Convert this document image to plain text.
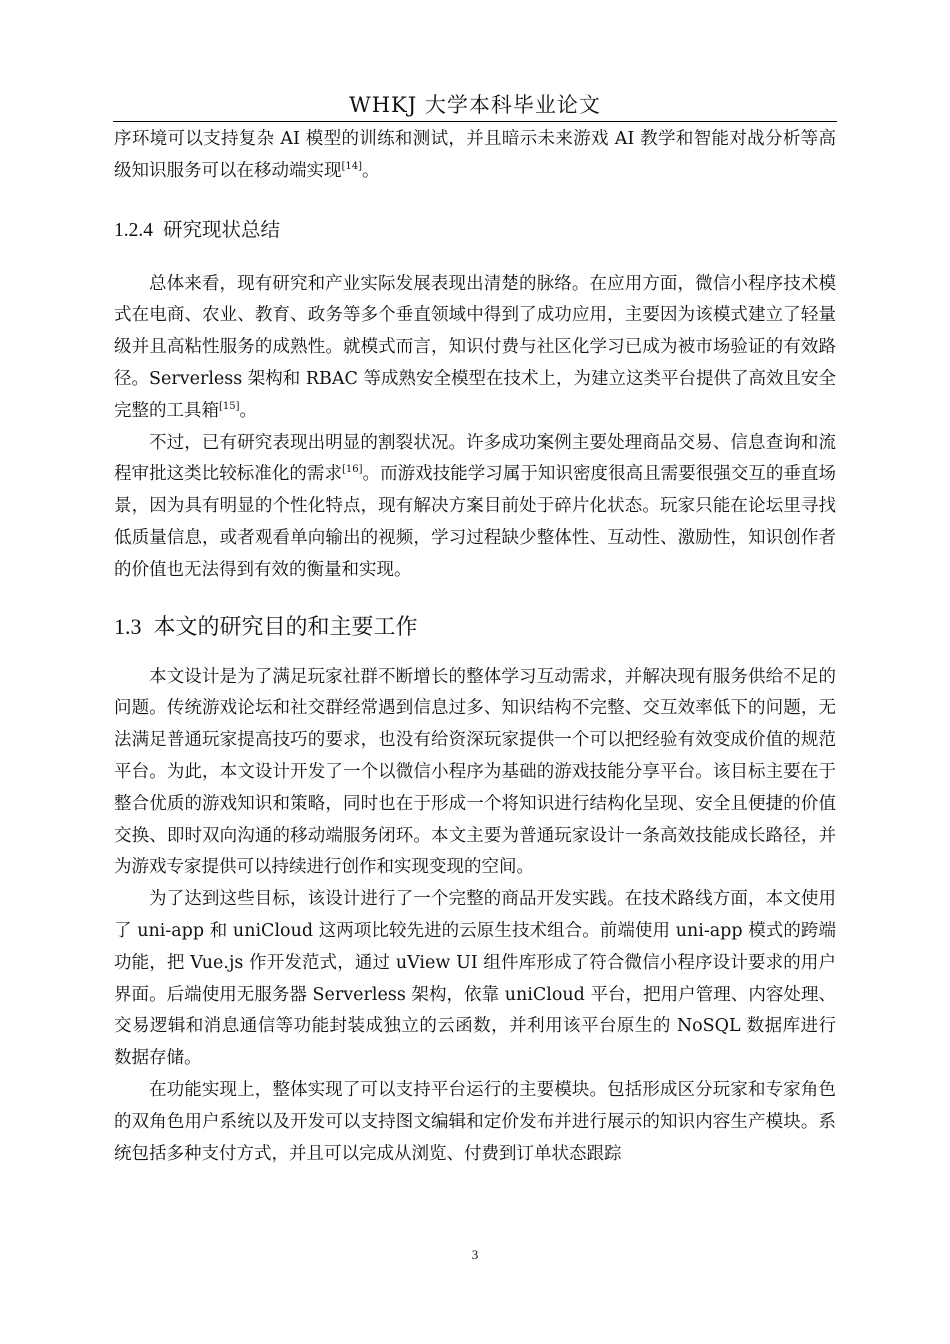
WHKJ 大学本科毕业论文

序环境可以支持复杂 AI 模型的训练和测试，并且暗示未来游戏 AI 教学和智能对战分析等高级知识服务可以在移动端实现[14]。

1.2.4 研究现状总结

总体来看，现有研究和产业实际发展表现出清楚的脉络。在应用方面，微信小程序技术模式在电商、农业、教育、政务等多个垂直领域中得到了成功应用，主要因为该模式建立了轻量级并且高粘性服务的成熟性。就模式而言，知识付费与社区化学习已成为被市场验证的有效路径。Serverless 架构和 RBAC 等成熟安全模型在技术上，为建立这类平台提供了高效且安全完整的工具箱[15]。

不过，已有研究表现出明显的割裂状况。许多成功案例主要处理商品交易、信息查询和流程审批这类比较标准化的需求[16]。而游戏技能学习属于知识密度很高且需要很强交互的垂直场景，因为具有明显的个性化特点，现有解决方案目前处于碎片化状态。玩家只能在论坛里寻找低质量信息，或者观看单向输出的视频，学习过程缺少整体性、互动性、激励性，知识创作者的价值也无法得到有效的衡量和实现。

1.3 本文的研究目的和主要工作

本文设计是为了满足玩家社群不断增长的整体学习互动需求，并解决现有服务供给不足的问题。传统游戏论坛和社交群经常遇到信息过多、知识结构不完整、交互效率低下的问题，无法满足普通玩家提高技巧的要求，也没有给资深玩家提供一个可以把经验有效变成价值的规范平台。为此，本文设计开发了一个以微信小程序为基础的游戏技能分享平台。该目标主要在于整合优质的游戏知识和策略，同时也在于形成一个将知识进行结构化呈现、安全且便捷的价值交换、即时双向沟通的移动端服务闭环。本文主要为普通玩家设计一条高效技能成长路径，并为游戏专家提供可以持续进行创作和实现变现的空间。

为了达到这些目标，该设计进行了一个完整的商品开发实践。在技术路线方面，本文使用了 uni-app 和 uniCloud 这两项比较先进的云原生技术组合。前端使用 uni-app 模式的跨端功能，把 Vue.js 作开发范式，通过 uView UI 组件库形成了符合微信小程序设计要求的用户界面。后端使用无服务器 Serverless 架构，依靠 uniCloud 平台，把用户管理、内容处理、交易逻辑和消息通信等功能封装成独立的云函数，并利用该平台原生的 NoSQL 数据库进行数据存储。

在功能实现上，整体实现了可以支持平台运行的主要模块。包括形成区分玩家和专家角色的双角色用户系统以及开发可以支持图文编辑和定价发布并进行展示的知识内容生产模块。系统包括多种支付方式，并且可以完成从浏览、付费到订单状态跟踪

3
